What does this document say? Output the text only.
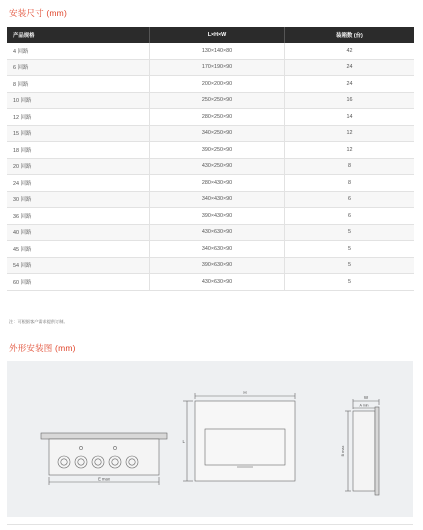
安装尺寸 (mm)
产品规格	L×H×W	装箱数 (台)
4 回路	130×140×80	42
6 回路	170×190×90	24
8 回路	200×200×90	24
10 回路	250×250×90	16
12 回路	280×250×90	14
15 回路	340×250×90	12
18 回路	390×250×90	12
20 回路	430×250×90	8
24 回路	280×430×90	8
30 回路	340×430×90	6
36 回路	390×430×90	6
40 回路	430×630×90	5
45 回路	340×630×90	5
54 回路	390×630×90	5
60 回路	430×630×90	5
注：可根据客户需求提供订制。
外形安装图 (mm)
E max
H
L
W
A min
B max
